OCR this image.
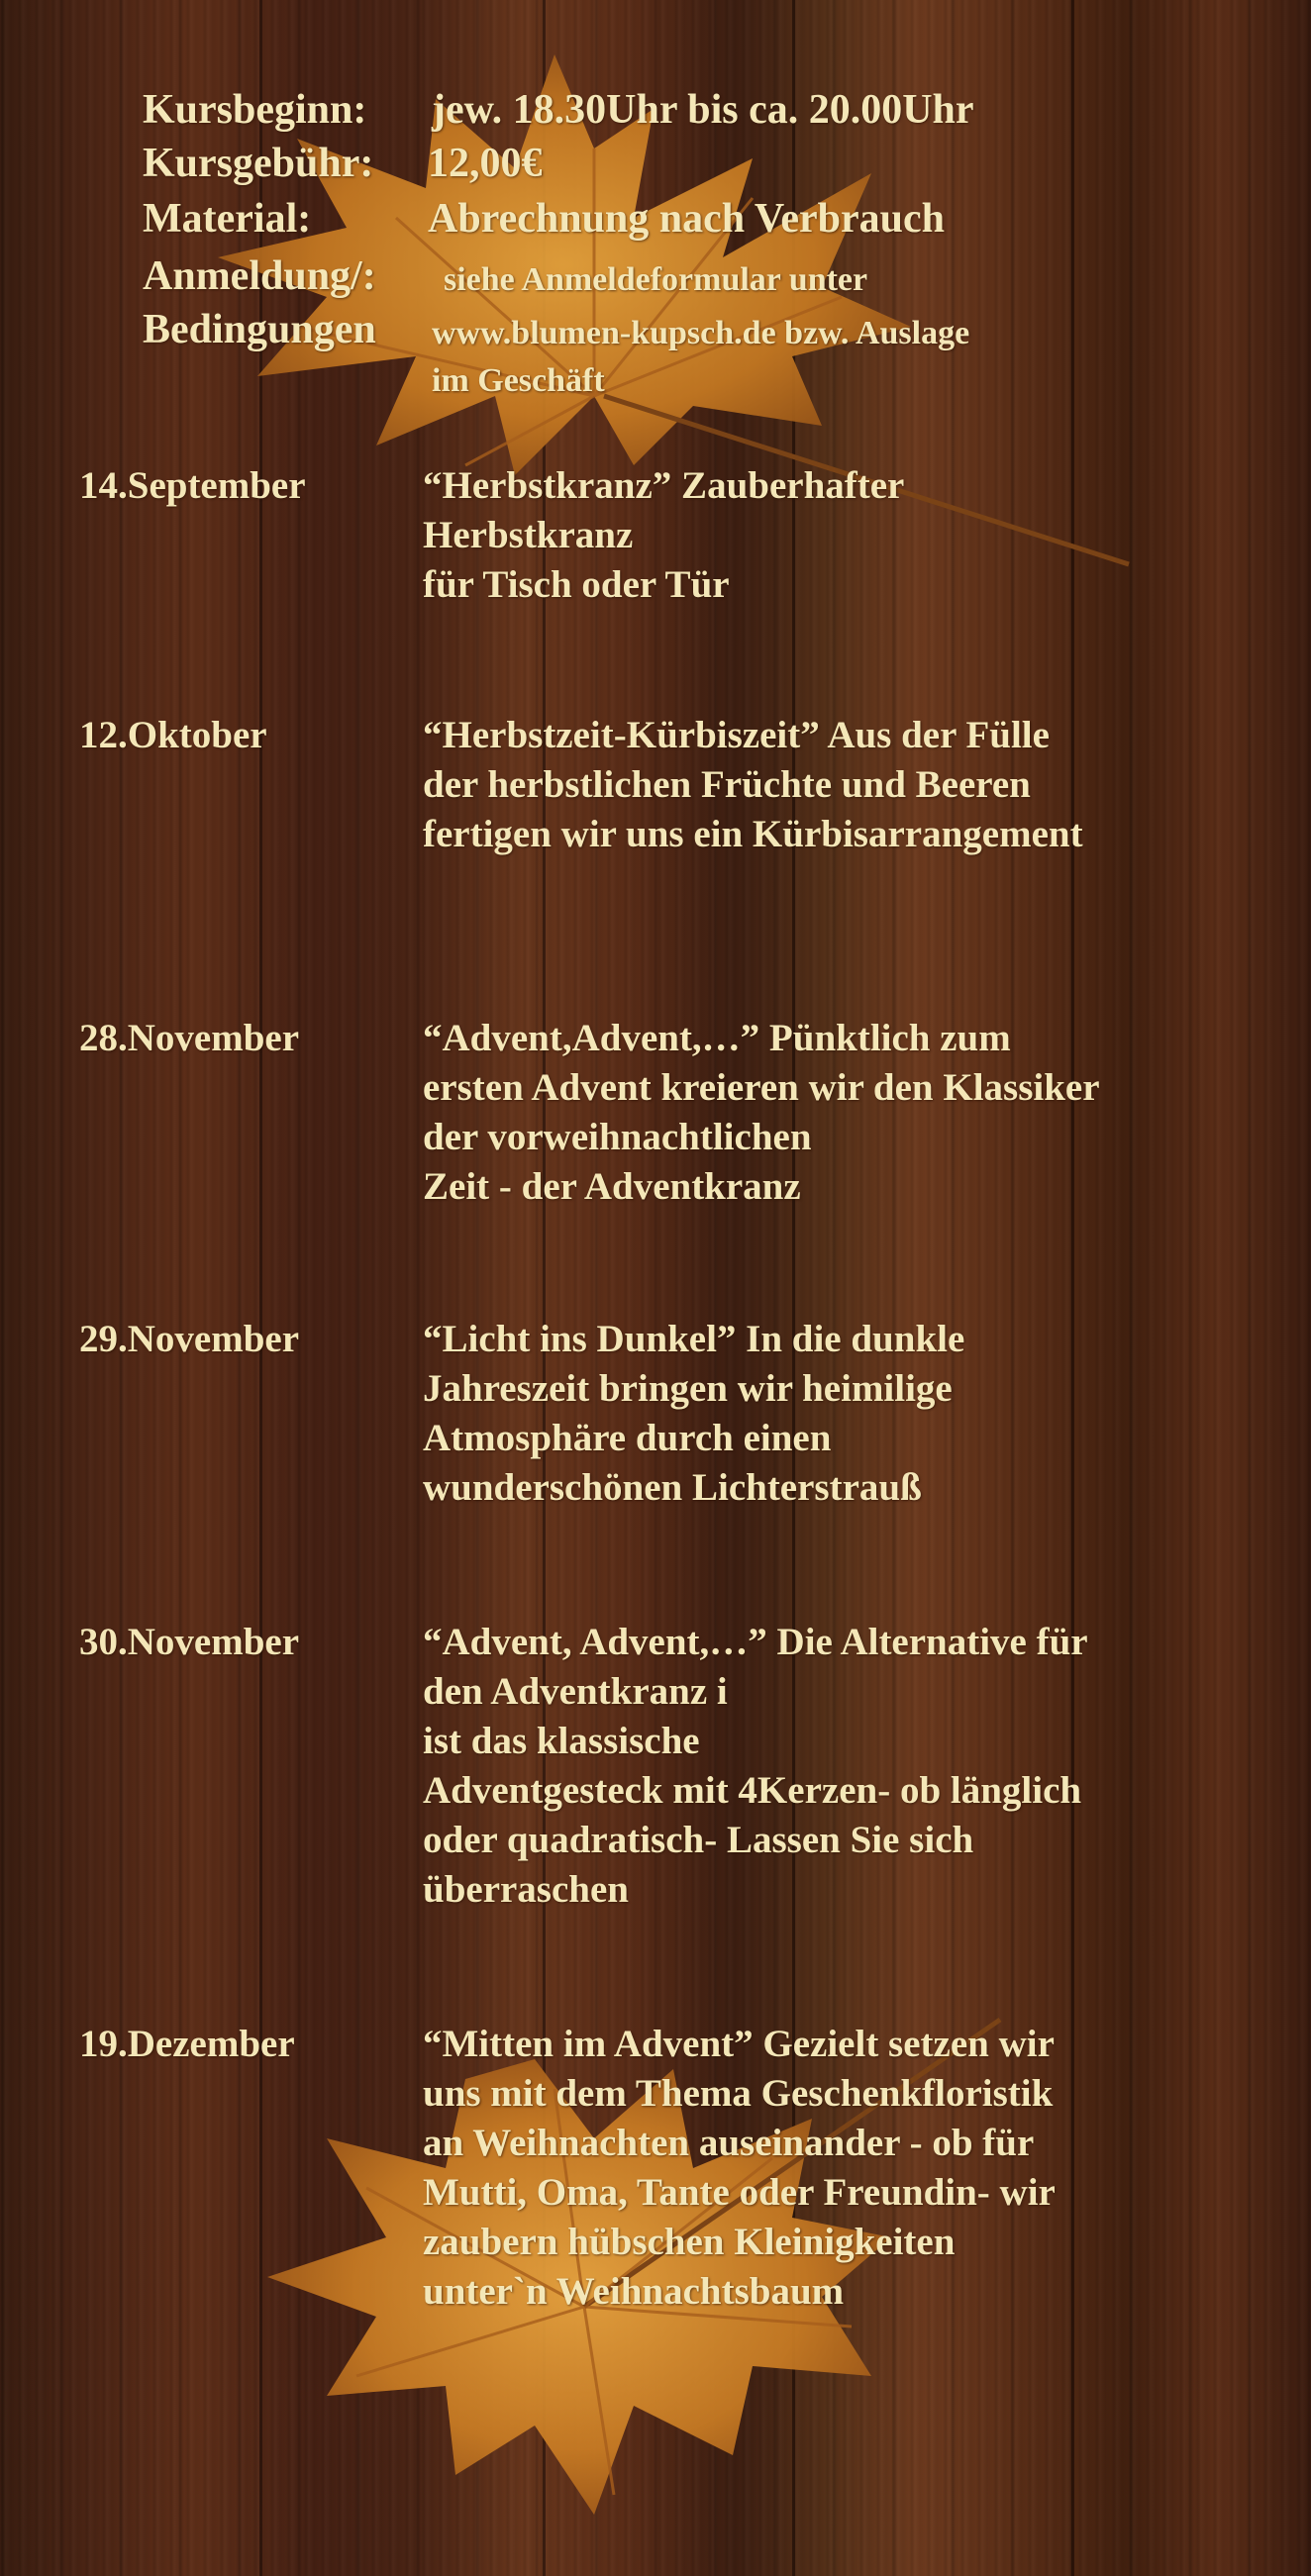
Kursbeginn: jew. 18.30Uhr bis ca. 20.00Uhr
Kursgebühr: 12,00€
Material:	Abrechnung nach Verbrauch
Anmeldung/: siehe Anmeldeformular unter
Bedingungen www.blumen-kupsch.de bzw. Auslage
im Geschäft
14.September	“Herbstkranz” Zauberhafter
Herbstkranz
für Tisch oder Tür
12.Oktober	“Herbstzeit-Kürbiszeit” Aus der Fülle
der herbstlichen Früchte und Beeren
fertigen wir uns ein Kürbisarrangement
28.November	“Advent,Advent,…” Pünktlich zum
ersten Advent kreieren wir den Klassiker
der vorweihnachtlichen
Zeit - der Adventkranz
29.November	“Licht ins Dunkel” In die dunkle
Jahreszeit bringen wir heimilige
Atmosphäre durch einen
wunderschönen Lichterstrauß
30.November	“Advent, Advent,…” Die Alternative für
den Adventkranz i
ist das klassische
Adventgesteck mit 4Kerzen- ob länglich
oder quadratisch- Lassen Sie sich
überraschen
19.Dezember	“Mitten im Advent” Gezielt setzen wir
uns mit dem Thema Geschenkfloristik
an Weihnachten auseinander - ob für
Mutti, Oma, Tante oder Freundin- wir
zaubern hübschen Kleinigkeiten
unter`n Weihnachtsbaum
